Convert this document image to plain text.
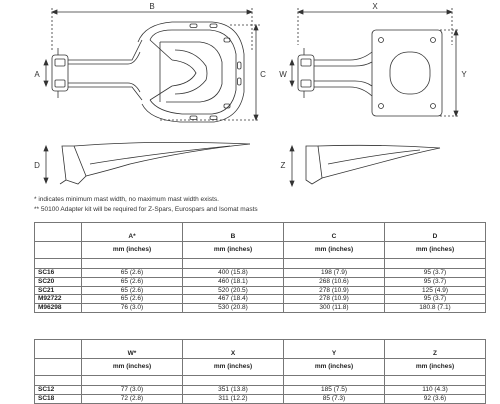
B
A	C
D
X
W	Y
Z
* indicates minimum mast width, no maximum mast width exists.
** 50100 Adapter kit will be required for Z-Spars, Eurospars and Isomat masts
	A*	B	C	D
	mm (inches)	mm (inches)	mm (inches)	mm (inches)

SC16	65 (2.6)	400 (15.8)	198 (7.9)	95 (3.7)
SC20	65 (2.6)	460 (18.1)	268 (10.6)	95 (3.7)
SC21	65 (2.6)	520 (20.5)	278 (10.9)	125 (4.9)
M92722	65 (2.6)	467 (18.4)	278 (10.9)	95 (3.7)
M96298	76 (3.0)	530 (20.8)	300 (11.8)	180.8 (7.1)
	W*	X	Y	Z
	mm (inches)	mm (inches)	mm (inches)	mm (inches)

SC12	77 (3.0)	351 (13.8)	185 (7.5)	110 (4.3)
SC18	72 (2.8)	311 (12.2)	85 (7.3)	92 (3.6)
